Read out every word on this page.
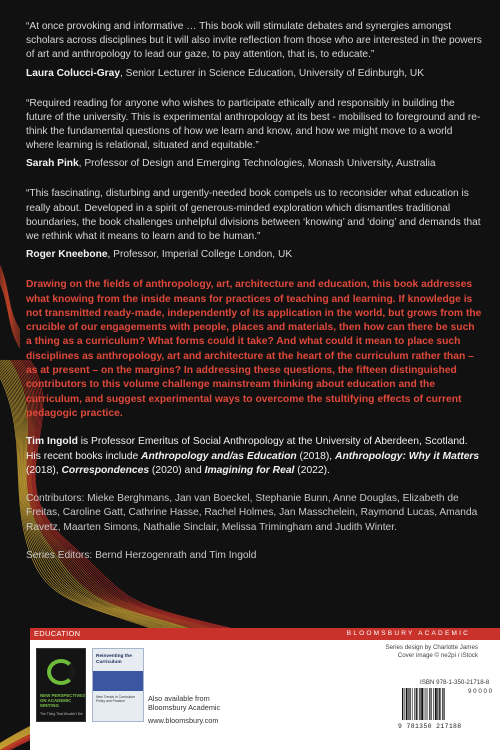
“At once provoking and informative … This book will stimulate debates and synergies amongst scholars across disciplines but it will also invite reflection from those who are interested in the powers of art and anthropology to lead our gaze, to pay attention, that is, to educate.”

Laura Colucci-Gray, Senior Lecturer in Science Education, University of Edinburgh, UK

“Required reading for anyone who wishes to participate ethically and responsibly in building the future of the university. This is experimental anthropology at its best - mobilised to foreground and re-think the fundamental questions of how we learn and know, and how we might move to a world where learning is relational, situated and equitable.”

Sarah Pink, Professor of Design and Emerging Technologies, Monash University, Australia

“This fascinating, disturbing and urgently-needed book compels us to reconsider what education is really about. Developed in a spirit of generous-minded exploration which dismantles traditional boundaries, the book challenges unhelpful divisions between ‘knowing’ and ‘doing’ and demands that we rethink what it means to learn and to be human.”

Roger Kneebone, Professor, Imperial College London, UK

Drawing on the fields of anthropology, art, architecture and education, this book addresses what knowing from the inside means for practices of teaching and learning. If knowledge is not transmitted ready-made, independently of its application in the world, but grows from the crucible of our engagements with people, places and materials, then how can there be such a thing as a curriculum? What forms could it take? And what could it mean to place such disciplines as anthropology, art and architecture at the heart of the curriculum rather than – as at present – on the margins? In addressing these questions, the fifteen distinguished contributors to this volume challenge mainstream thinking about education and the curriculum, and suggest experimental ways to overcome the stultifying effects of current pedagogic practice.

Tim Ingold is Professor Emeritus of Social Anthropology at the University of Aberdeen, Scotland. His recent books include Anthropology and/as Education (2018), Anthropology: Why it Matters (2018), Correspondences (2020) and Imagining for Real (2022).

Contributors: Mieke Berghmans, Jan van Boeckel, Stephanie Bunn, Anne Douglas, Elizabeth de Freitas, Caroline Gatt, Cathrine Hasse, Rachel Holmes, Jan Masschelein, Raymond Lucas, Amanda Ravetz, Maarten Simons, Nathalie Sinclair, Melissa Trimingham and Judith Winter.

Series Editors: Bernd Herzogenrath and Tim Ingold

EDUCATION	BLOOMSBURY ACADEMIC
NEW PERSPECTIVES ON ACADEMIC WRITING
The Thing That Wouldn't Die
Reinventing the Curriculum
New Trends in Curriculum Policy and Practice	Also available from Bloomsbury Academic
www.bloomsbury.com
Series design by Charlotte James
Cover image © ne2pi / iStock
ISBN 978-1-350-21718-8
9 0 0 0 0
9 781350 217188
